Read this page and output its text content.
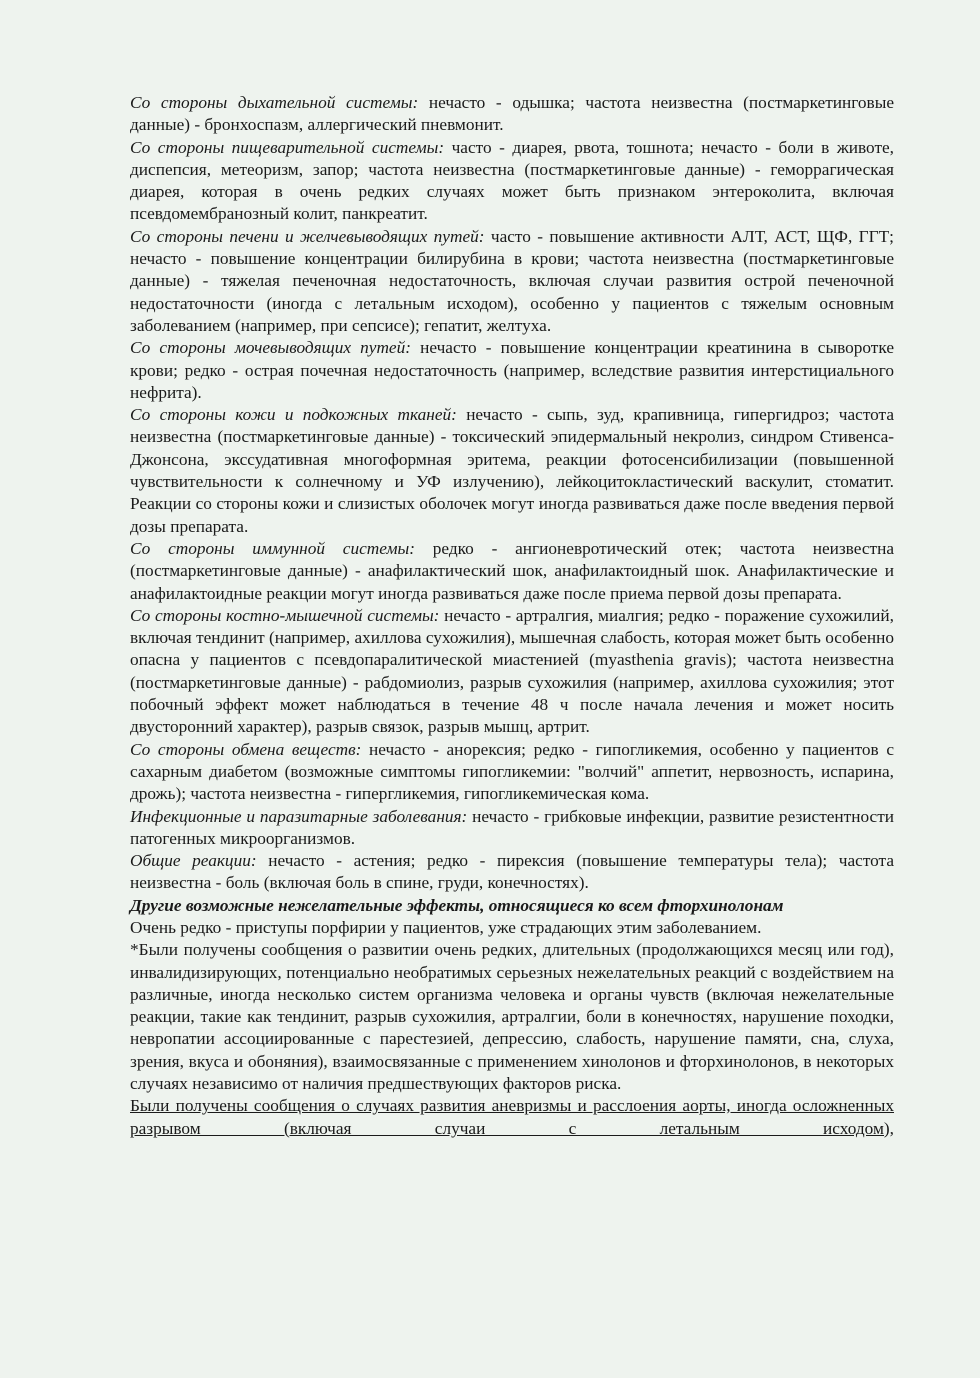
Со стороны дыхательной системы: нечасто - одышка; частота неизвестна (постмаркетинговые данные) - бронхоспазм, аллергический пневмонит.

Со стороны пищеварительной системы: часто - диарея, рвота, тошнота; нечасто - боли в животе, диспепсия, метеоризм, запор; частота неизвестна (постмаркетинговые данные) - геморрагическая диарея, которая в очень редких случаях может быть признаком энтероколита, включая псевдомембранозный колит, панкреатит.

Со стороны печени и желчевыводящих путей: часто - повышение активности АЛТ, АСТ, ЩФ, ГГТ; нечасто - повышение концентрации билирубина в крови; частота неизвестна (постмаркетинговые данные) - тяжелая печеночная недостаточность, включая случаи развития острой печеночной недостаточности (иногда с летальным исходом), особенно у пациентов с тяжелым основным заболеванием (например, при сепсисе); гепатит, желтуха.

Со стороны мочевыводящих путей: нечасто - повышение концентрации креатинина в сыворотке крови; редко - острая почечная недостаточность (например, вследствие развития интерстициального нефрита).

Со стороны кожи и подкожных тканей: нечасто - сыпь, зуд, крапивница, гипергидроз; частота неизвестна (постмаркетинговые данные) - токсический эпидермальный некролиз, синдром Стивенса-Джонсона, экссудативная многоформная эритема, реакции фотосенсибилизации (повышенной чувствительности к солнечному и УФ излучению), лейкоцитокластический васкулит, стоматит. Реакции со стороны кожи и слизистых оболочек могут иногда развиваться даже после введения первой дозы препарата.

Со стороны иммунной системы: редко - ангионевротический отек; частота неизвестна (постмаркетинговые данные) - анафилактический шок, анафилактоидный шок. Анафилактические и анафилактоидные реакции могут иногда развиваться даже после приема первой дозы препарата.

Со стороны костно-мышечной системы: нечасто - артралгия, миалгия; редко - поражение сухожилий, включая тендинит (например, ахиллова сухожилия), мышечная слабость, которая может быть особенно опасна у пациентов с псевдопаралитической миастенией (myasthenia gravis); частота неизвестна (постмаркетинговые данные) - рабдомиолиз, разрыв сухожилия (например, ахиллова сухожилия; этот побочный эффект может наблюдаться в течение 48 ч после начала лечения и может носить двусторонний характер), разрыв связок, разрыв мышц, артрит.

Со стороны обмена веществ: нечасто - анорексия; редко - гипогликемия, особенно у пациентов с сахарным диабетом (возможные симптомы гипогликемии: "волчий" аппетит, нервозность, испарина, дрожь); частота неизвестна - гипергликемия, гипогликемическая кома.

Инфекционные и паразитарные заболевания: нечасто - грибковые инфекции, развитие резистентности патогенных микроорганизмов.

Общие реакции: нечасто - астения; редко - пирексия (повышение температуры тела); частота неизвестна - боль (включая боль в спине, груди, конечностях).

Другие возможные нежелательные эффекты, относящиеся ко всем фторхинолонам

Очень редко - приступы порфирии у пациентов, уже страдающих этим заболеванием.

*Были получены сообщения о развитии очень редких, длительных (продолжающихся месяц или год), инвалидизирующих, потенциально необратимых серьезных нежелательных реакций с воздействием на различные, иногда несколько систем организма человека и органы чувств (включая нежелательные реакции, такие как тендинит, разрыв сухожилия, артралгии, боли в конечностях, нарушение походки, невропатии ассоциированные с парестезией, депрессию, слабость, нарушение памяти, сна, слуха, зрения, вкуса и обоняния), взаимосвязанные с применением хинолонов и фторхинолонов, в некоторых случаях независимо от наличия предшествующих факторов риска.

Были получены сообщения о случаях развития аневризмы и расслоения аорты, иногда осложненных разрывом (включая случаи с летальным исходом),
